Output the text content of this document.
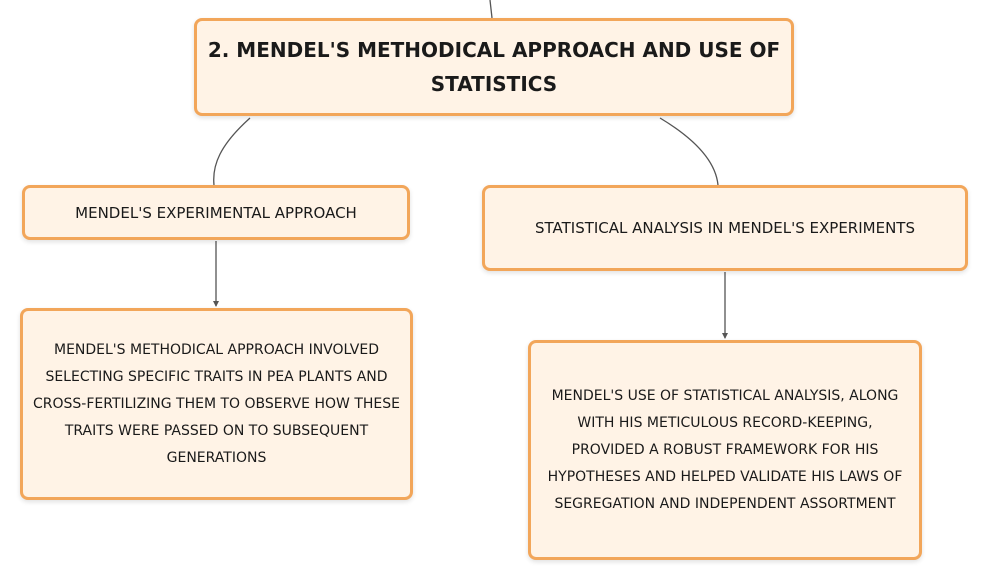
2. MENDEL'S METHODICAL APPROACH AND USE OF STATISTICS
MENDEL'S EXPERIMENTAL APPROACH
STATISTICAL ANALYSIS IN MENDEL'S EXPERIMENTS
MENDEL'S METHODICAL APPROACH INVOLVED SELECTING SPECIFIC TRAITS IN PEA PLANTS AND CROSS-FERTILIZING THEM TO OBSERVE HOW THESE TRAITS WERE PASSED ON TO SUBSEQUENT GENERATIONS
MENDEL'S USE OF STATISTICAL ANALYSIS, ALONG WITH HIS METICULOUS RECORD-KEEPING, PROVIDED A ROBUST FRAMEWORK FOR HIS HYPOTHESES AND HELPED VALIDATE HIS LAWS OF SEGREGATION AND INDEPENDENT ASSORTMENT
